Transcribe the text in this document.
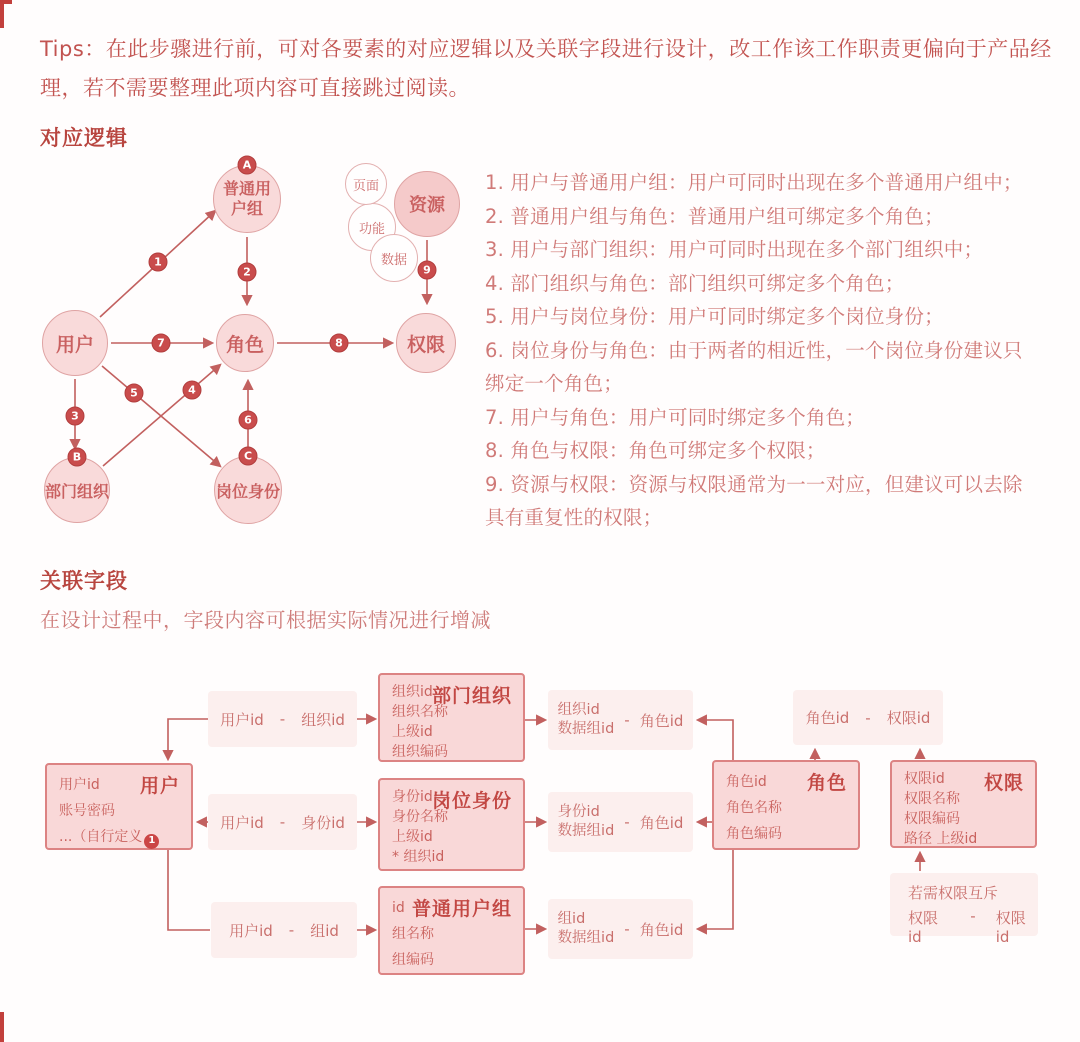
Tips：在此步骤进行前，可对各要素的对应逻辑以及关联字段进行设计，改工作该工作职责更偏向于产品经理，若不需要整理此项内容可直接跳过阅读。

对应逻辑
用户
普通用
户组
角色	权限
部门组织	岗位身份
功能
页面
数据
资源
A
B	C
1
2
3
4
5
6
7	8
9
1. 用户与普通用户组：用户可同时出现在多个普通用户组中；
2. 普通用户组与角色：普通用户组可绑定多个角色；
3. 用户与部门组织：用户可同时出现在多个部门组织中；
4. 部门组织与角色：部门组织可绑定多个角色；
5. 用户与岗位身份：用户可同时绑定多个岗位身份；
6. 岗位身份与角色：由于两者的相近性，一个岗位身份建议只绑定一个角色；
7. 用户与角色：用户可同时绑定多个角色；
8. 角色与权限：角色可绑定多个权限；
9. 资源与权限：资源与权限通常为一一对应，但建议可以去除具有重复性的权限；
关联字段

在设计过程中，字段内容可根据实际情况进行增减

用户
用户id
账号密码
...（自行定义 1
部门组织
组织id
组织名称
上级id
组织编码
岗位身份
身份id
身份名称
上级id
* 组织id
普通用户组
id
组名称
组编码
角色
角色id
角色名称
角色编码
权限
权限id
权限名称
权限编码
路径 上级id
用户id - 组织id
用户id - 身份id
用户id - 组id
组织id
数据组id - 角色id
身份id
数据组id - 角色id
组id
数据组id - 角色id
角色id - 权限id
若需权限互斥
权限id
- 权限id
